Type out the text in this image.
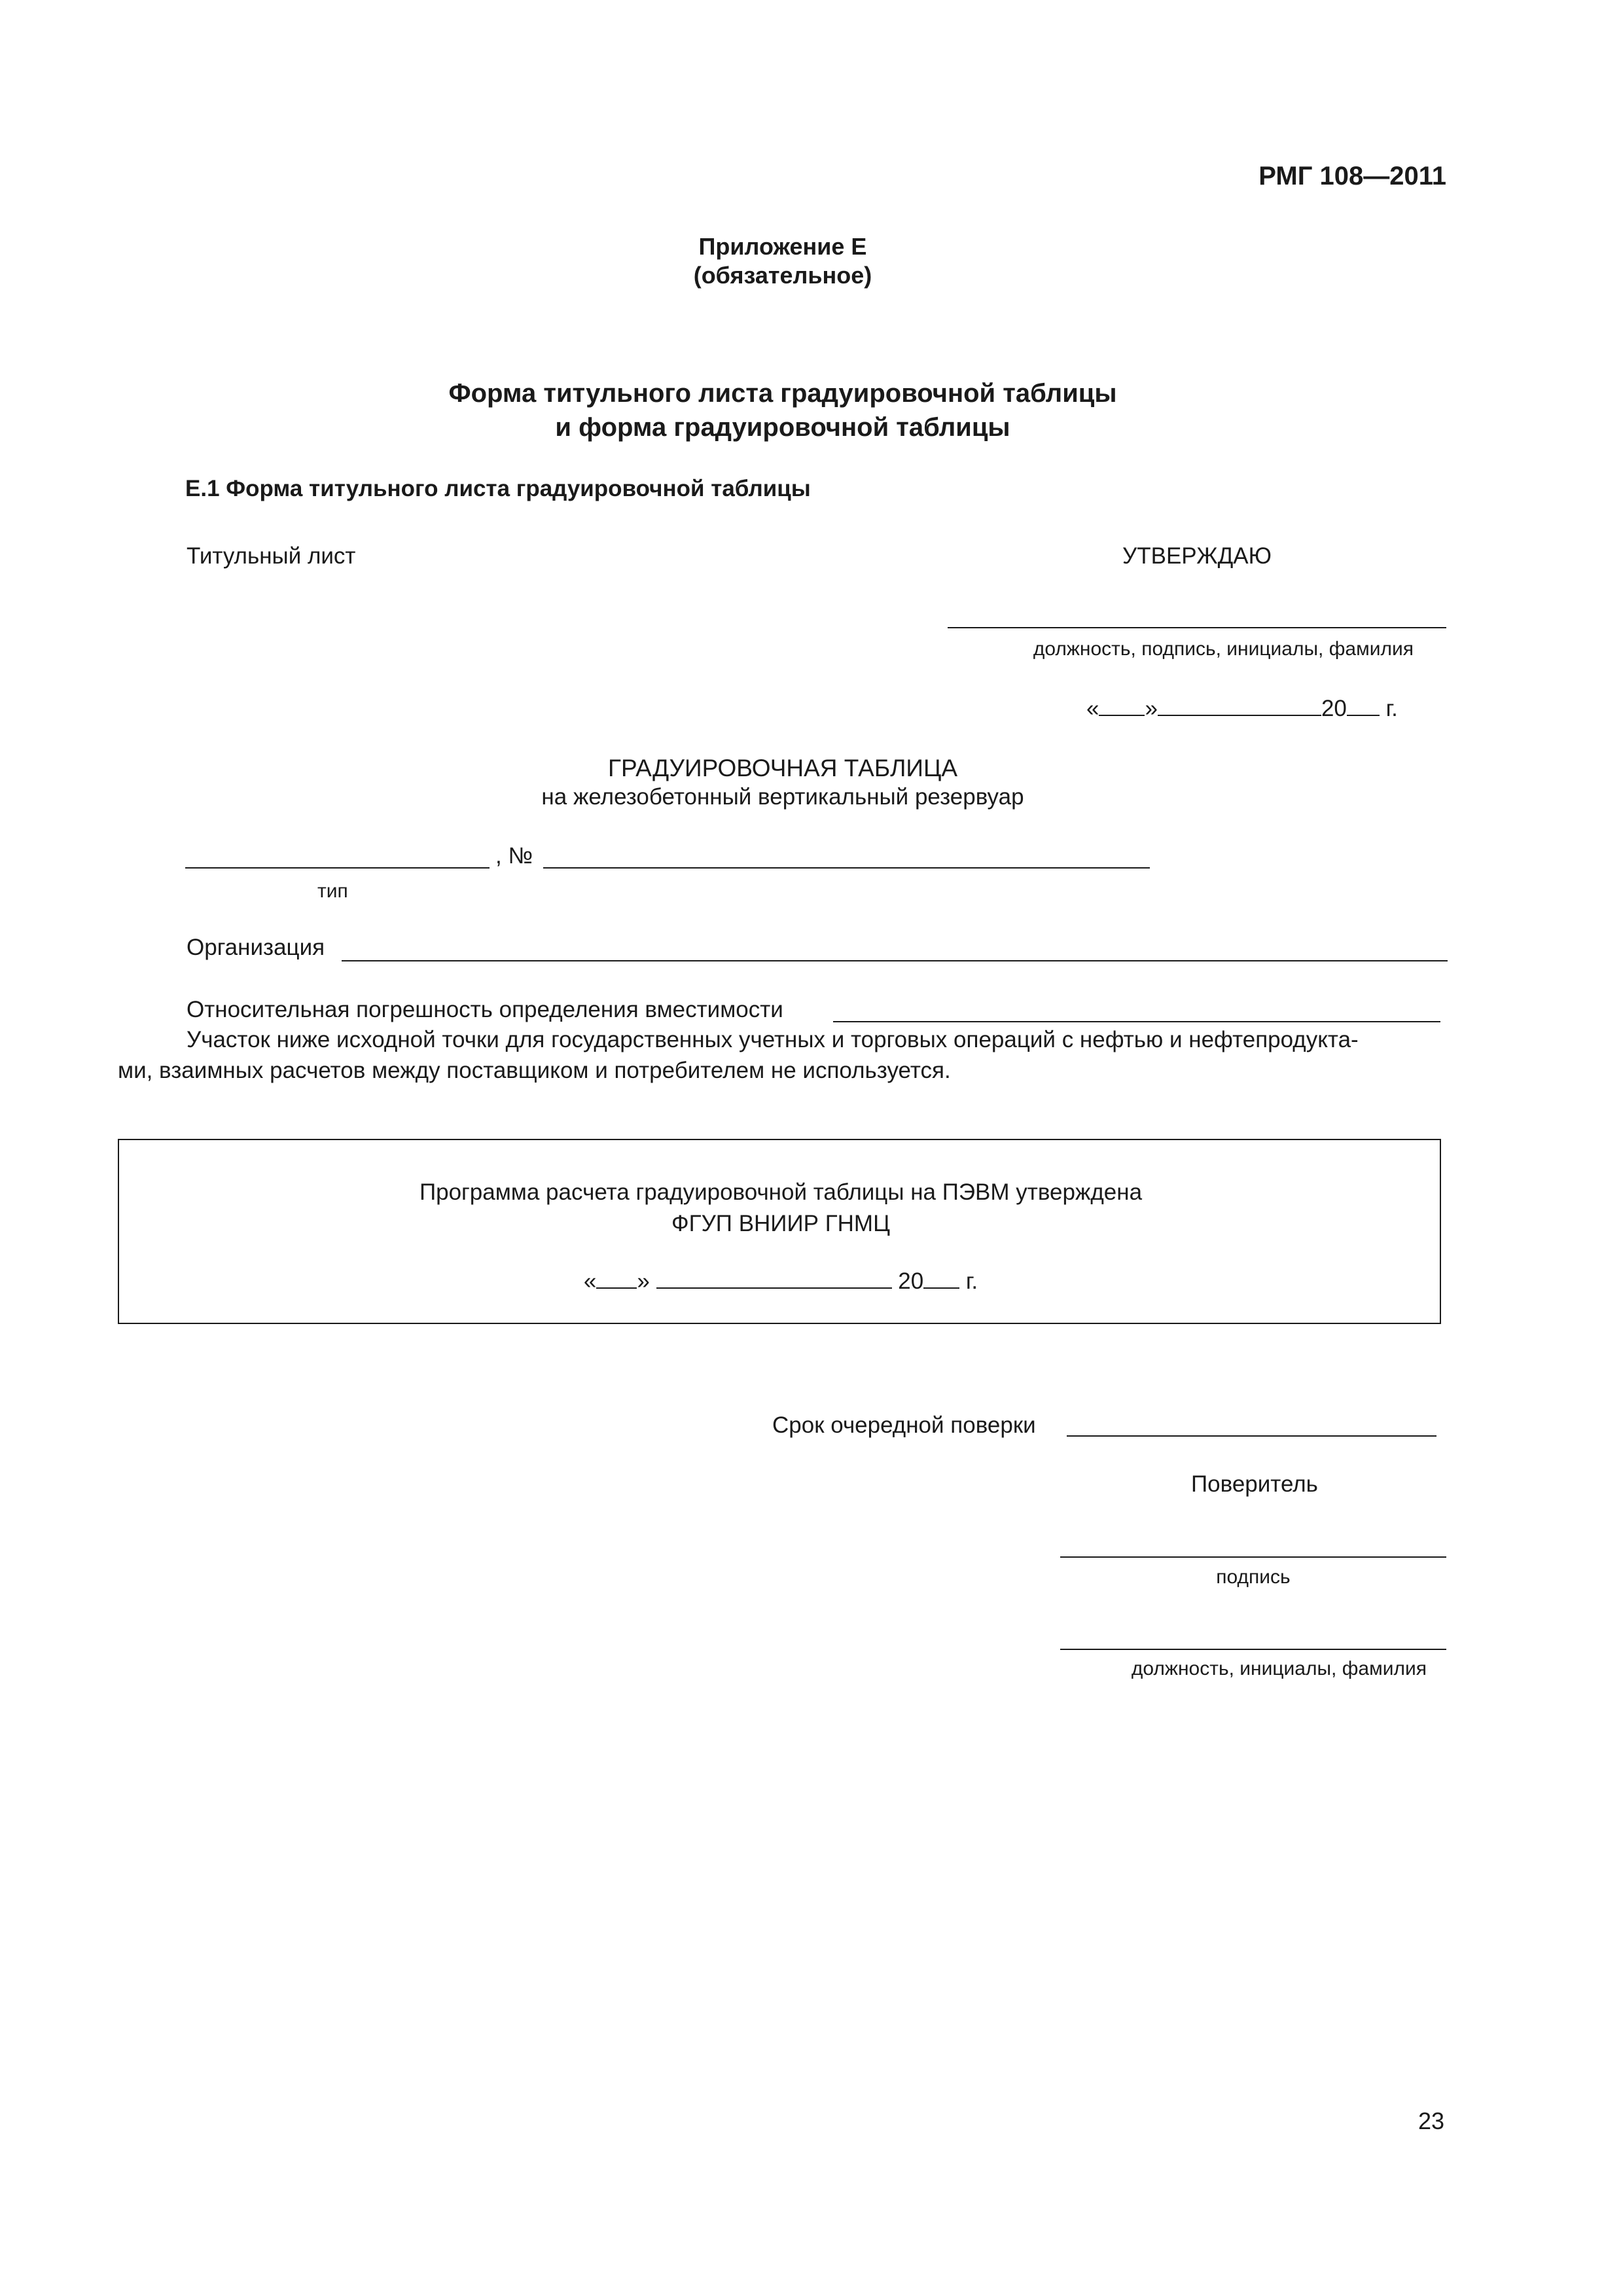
РМГ 108—2011
Приложение Е
(обязательное)
Форма титульного листа градуировочной таблицы
и форма градуировочной таблицы
Е.1 Форма титульного листа градуировочной таблицы
Титульный лист	УТВЕРЖДАЮ
должность, подпись, инициалы, фамилия
« »	20 г.
ГРАДУИРОВОЧНАЯ ТАБЛИЦА
на железобетонный вертикальный резервуар
, №
тип
Организация
Относительная погрешность определения вместимости
Участок ниже исходной точки для государственных учетных и торговых операций с нефтью и нефтепродукта-
ми, взаимных расчетов между поставщиком и потребителем не используется.
Программа расчета градуировочной таблицы на ПЭВМ утверждена
ФГУП ВНИИР ГНМЦ
« »	20 г.
Срок очередной поверки
Поверитель
подпись
должность, инициалы, фамилия
23
